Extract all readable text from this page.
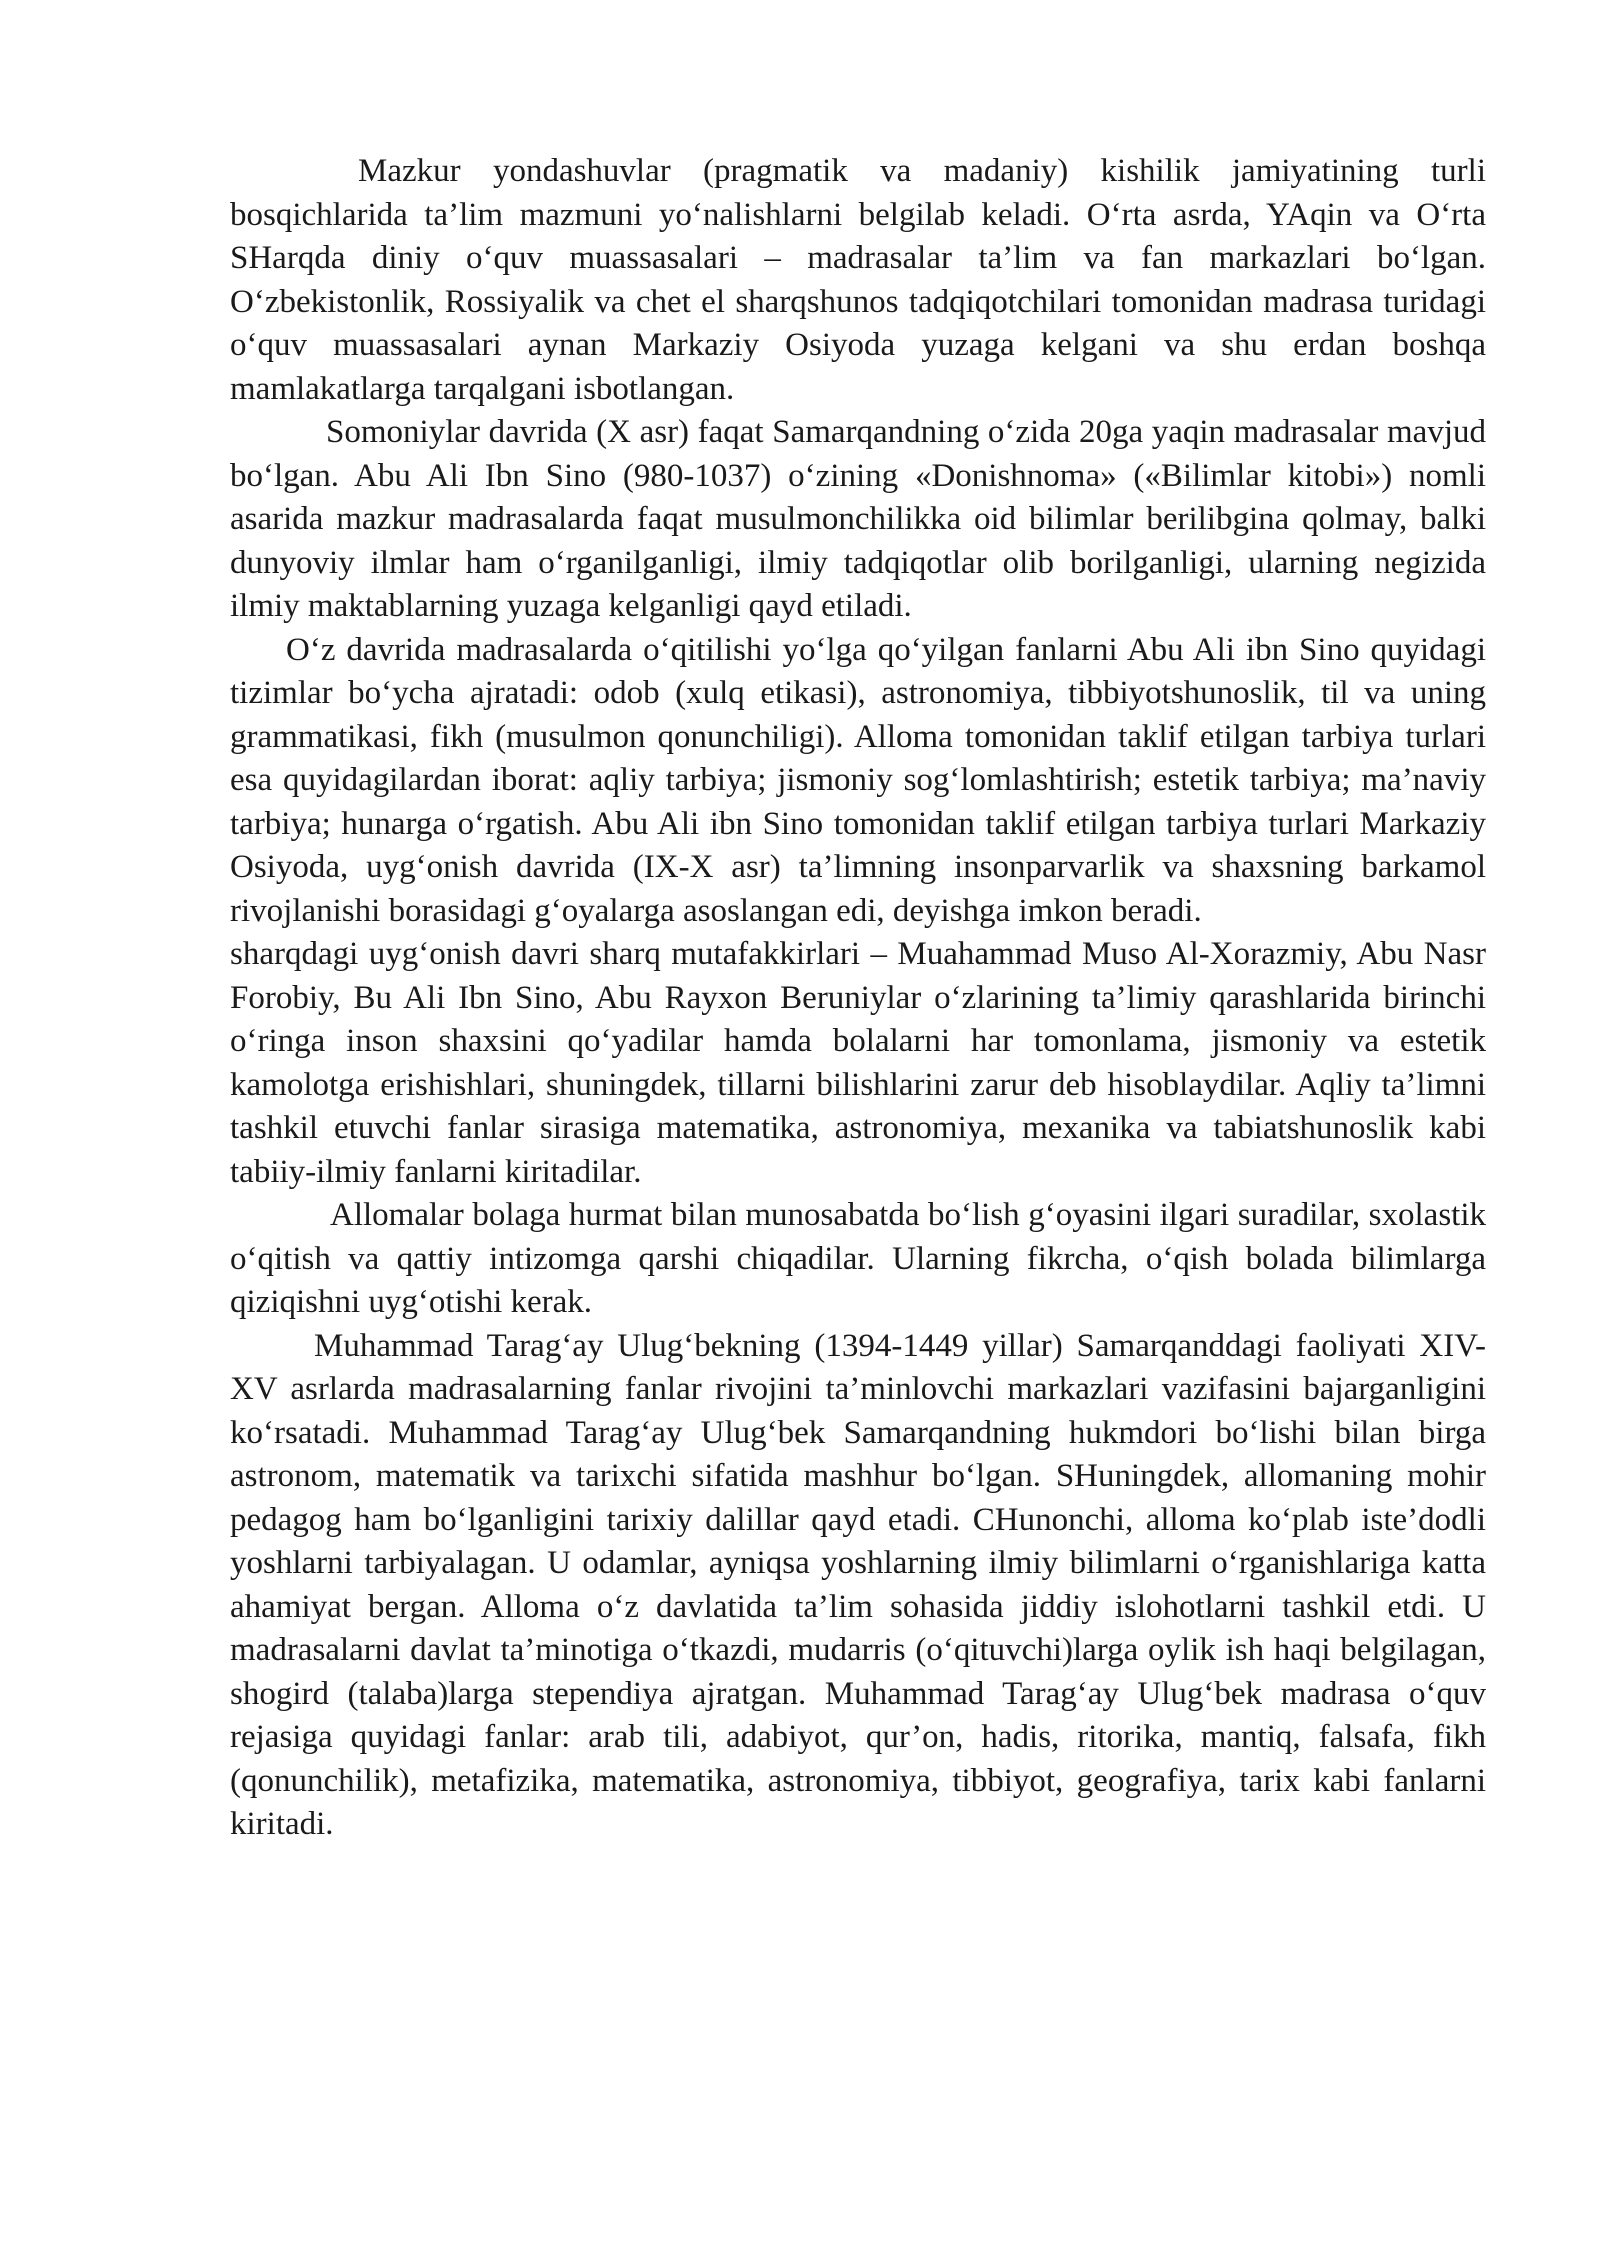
Mazkur yondashuvlar (pragmatik va madaniy) kishilik jamiyatining turli bosqichlarida ta’lim mazmuni yo‘nalishlarni belgilab keladi. O‘rta asrda, YAqin va O‘rta SHarqda diniy o‘quv muassasalari – madrasalar ta’lim va fan markazlari bo‘lgan. O‘zbekistonlik, Rossiyalik va chet el sharqshunos tadqiqotchilari tomonidan madrasa turidagi o‘quv muassasalari aynan Markaziy Osiyoda yuzaga kelgani va shu erdan boshqa mamlakatlarga tarqalgani isbotlangan.

Somoniylar davrida (X asr) faqat Samarqandning o‘zida 20ga yaqin madrasalar mavjud bo‘lgan. Abu Ali Ibn Sino (980-1037) o‘zining «Donishnoma» («Bilimlar kitobi») nomli asarida mazkur madrasalarda faqat musulmonchilikka oid bilimlar berilibgina qolmay, balki dunyoviy ilmlar ham o‘rganilganligi, ilmiy tadqiqotlar olib borilganligi, ularning negizida ilmiy maktablarning yuzaga kelganligi qayd etiladi.

O‘z davrida madrasalarda o‘qitilishi yo‘lga qo‘yilgan fanlarni Abu Ali ibn Sino quyidagi tizimlar bo‘ycha ajratadi: odob (xulq etikasi), astronomiya, tibbiyotshunoslik, til va uning grammatikasi, fikh (musulmon qonunchiligi). Alloma tomonidan taklif etilgan tarbiya turlari esa quyidagilardan iborat: aqliy tarbiya; jismoniy sog‘lomlashtirish; estetik tarbiya; ma’naviy tarbiya; hunarga o‘rgatish. Abu Ali ibn Sino tomonidan taklif etilgan tarbiya turlari Markaziy Osiyoda, uyg‘onish davrida (IX-X asr) ta’limning insonparvarlik va shaxsning barkamol rivojlanishi borasidagi g‘oyalarga asoslangan edi, deyishga imkon beradi.

sharqdagi uyg‘onish davri sharq mutafakkirlari – Muahammad Muso Al-Xorazmiy, Abu Nasr Forobiy, Bu Ali Ibn Sino, Abu Rayxon Beruniylar o‘zlarining ta’limiy qarashlarida birinchi o‘ringa inson shaxsini qo‘yadilar hamda bolalarni har tomonlama, jismoniy va estetik kamolotga erishishlari, shuningdek, tillarni bilishlarini zarur deb hisoblaydilar. Aqliy ta’limni tashkil etuvchi fanlar sirasiga matematika, astronomiya, mexanika va tabiatshunoslik kabi tabiiy-ilmiy fanlarni kiritadilar.

Allomalar bolaga hurmat bilan munosabatda bo‘lish g‘oyasini ilgari suradilar, sxolastik o‘qitish va qattiy intizomga qarshi chiqadilar. Ularning fikrcha, o‘qish bolada bilimlarga qiziqishni uyg‘otishi kerak.

Muhammad Tarag‘ay Ulug‘bekning (1394-1449 yillar) Samarqanddagi faoliyati XIV-XV asrlarda madrasalarning fanlar rivojini ta’minlovchi markazlari vazifasini bajarganligini ko‘rsatadi. Muhammad Tarag‘ay Ulug‘bek Samarqandning hukmdori bo‘lishi bilan birga astronom, matematik va tarixchi sifatida mashhur bo‘lgan. SHuningdek, allomaning mohir pedagog ham bo‘lganligini tarixiy dalillar qayd etadi. CHunonchi, alloma ko‘plab iste’dodli yoshlarni tarbiyalagan. U odamlar, ayniqsa yoshlarning ilmiy bilimlarni o‘rganishlariga katta ahamiyat bergan. Alloma o‘z davlatida ta’lim sohasida jiddiy islohotlarni tashkil etdi. U madrasalarni davlat ta’minotiga o‘tkazdi, mudarris (o‘qituvchi)larga oylik ish haqi belgilagan, shogird (talaba)larga stependiya ajratgan. Muhammad Tarag‘ay Ulug‘bek madrasa o‘quv rejasiga quyidagi fanlar: arab tili, adabiyot, qur’on, hadis, ritorika, mantiq, falsafa, fikh (qonunchilik), metafizika, matematika, astronomiya, tibbiyot, geografiya, tarix kabi fanlarni kiritadi.
